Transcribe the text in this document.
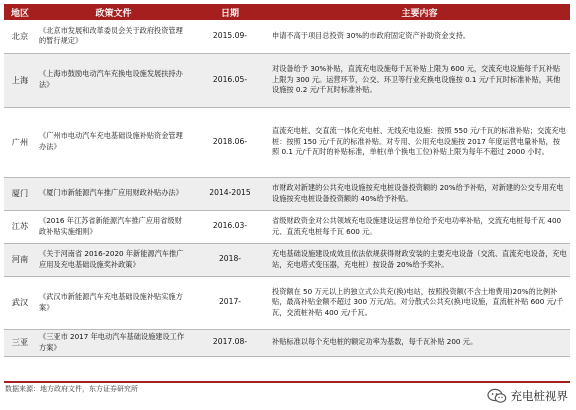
地区	政策文件	日期	主要内容
北京	《北京市发展和改革委员会关于政府投资管理的暂行规定》	2015.09-	申请不高于项目总投资 30%的市政府固定资产补助资金支持。
上海	《上海市鼓励电动汽车充换电设施发展扶持办法》	2016.05-	对设备给予 30%补贴，直流充电设施每千瓦补贴上限为 600 元，交流充电设施每千瓦补贴上限为 300 元。运营环节，公交、环卫等行业充换电设施按 0.1 元/千瓦时标准补贴，其他设施按 0.2 元/千瓦时标准补贴。
广州	《广州市电动汽车充电基础设施补贴资金管理办法》	2018.06-	直流充电桩、交直流一体化充电桩、无线充电设施：按照 550 元/千瓦的标准补贴；交流充电桩：按照 150 元/千瓦的标准补贴。对专用、公用充电设施按 2017 年度运营电量补贴，按照 0.1 元/千瓦时的补贴标准，单桩(单个换电工位)补贴上限为每年不超过 2000 小时。
厦门	《厦门市新能源汽车推广应用财政补贴办法》	2014-2015	市财政对新建的公共充电设施按充电桩设备投资额的 20%给予补贴，对新建的公交专用充电设施按充电桩设备投资额的 40%给予补贴。
江苏	《2016 年江苏省新能源汽车推广应用省级财政补贴实施细则》	2016.03-	省级财政资金对公共领域充电设施建设运营单位给予充电功率补贴，交流充电桩每千瓦 400 元、直流充电桩每千瓦 600 元。
河南	《关于河南省 2016-2020 年新能源汽车推广应用及充电基础设施奖补政策》	2018-	充电基础设施建设成效且依法依规获得财政安装的主要充电设备（交流、直流充电设备，充电站，充电塔式变压器，充电桩）按设备 20%给予奖补。
武汉	《武汉市新能源汽车充电基础设施补贴实施方案》	2017-	投资额在 50 万元以上的独立式公共充(换)电站，按照投资额(不含土地费用)20%的比例补贴，最高补贴金额不超过 300 万元/站。对分散式公共充(换)电设施，直流桩补贴 600 元/千瓦，交流桩补贴 400 元/千瓦。
三亚	《三亚市 2017 年电动汽车基础设施建设工作方案》	2017.08-	补贴标准以每个充电桩的额定功率为基数，每千瓦补贴 200 元。
数据来源：地方政府文件，东方证券研究所	充电桩视界
